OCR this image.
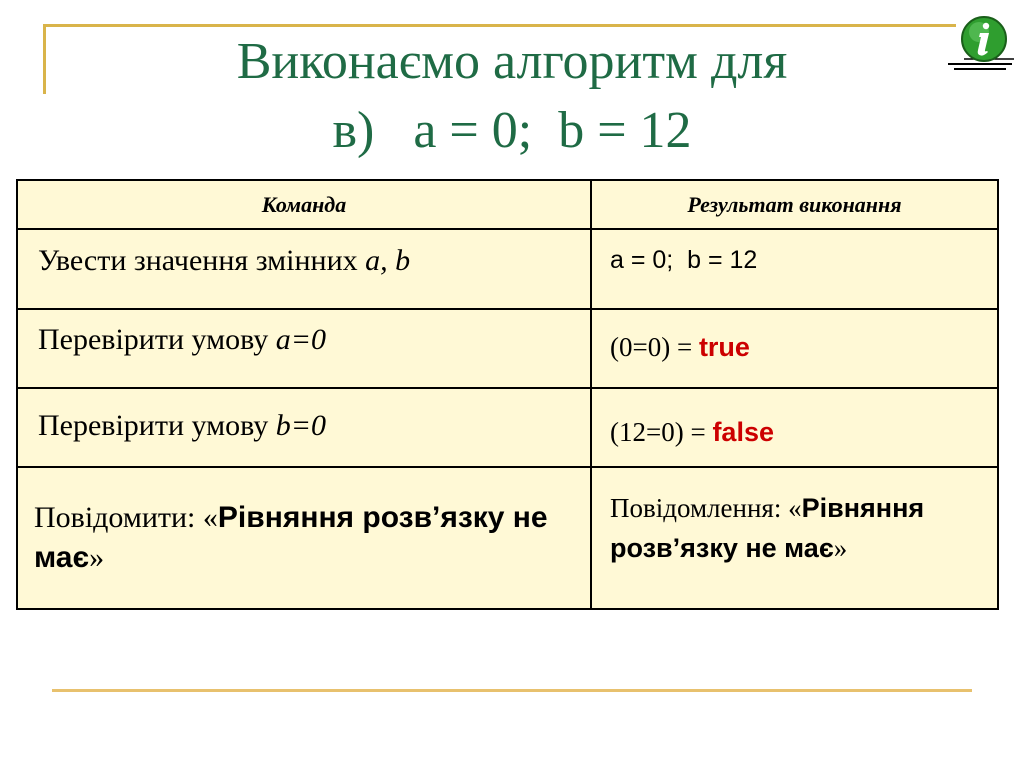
Виконаємо алгоритм для
в)   a = 0;  b = 12
Команда	Результат виконання

Увести значення змінних a, b	a = 0;  b = 12

Перевірити умову a=0	(0=0) = true

Перевірити умову b=0	(12=0) = false

Повідомити: «Рівняння розв’язку не має»	Повідомлення: «Рівняння розв’язку не має»
